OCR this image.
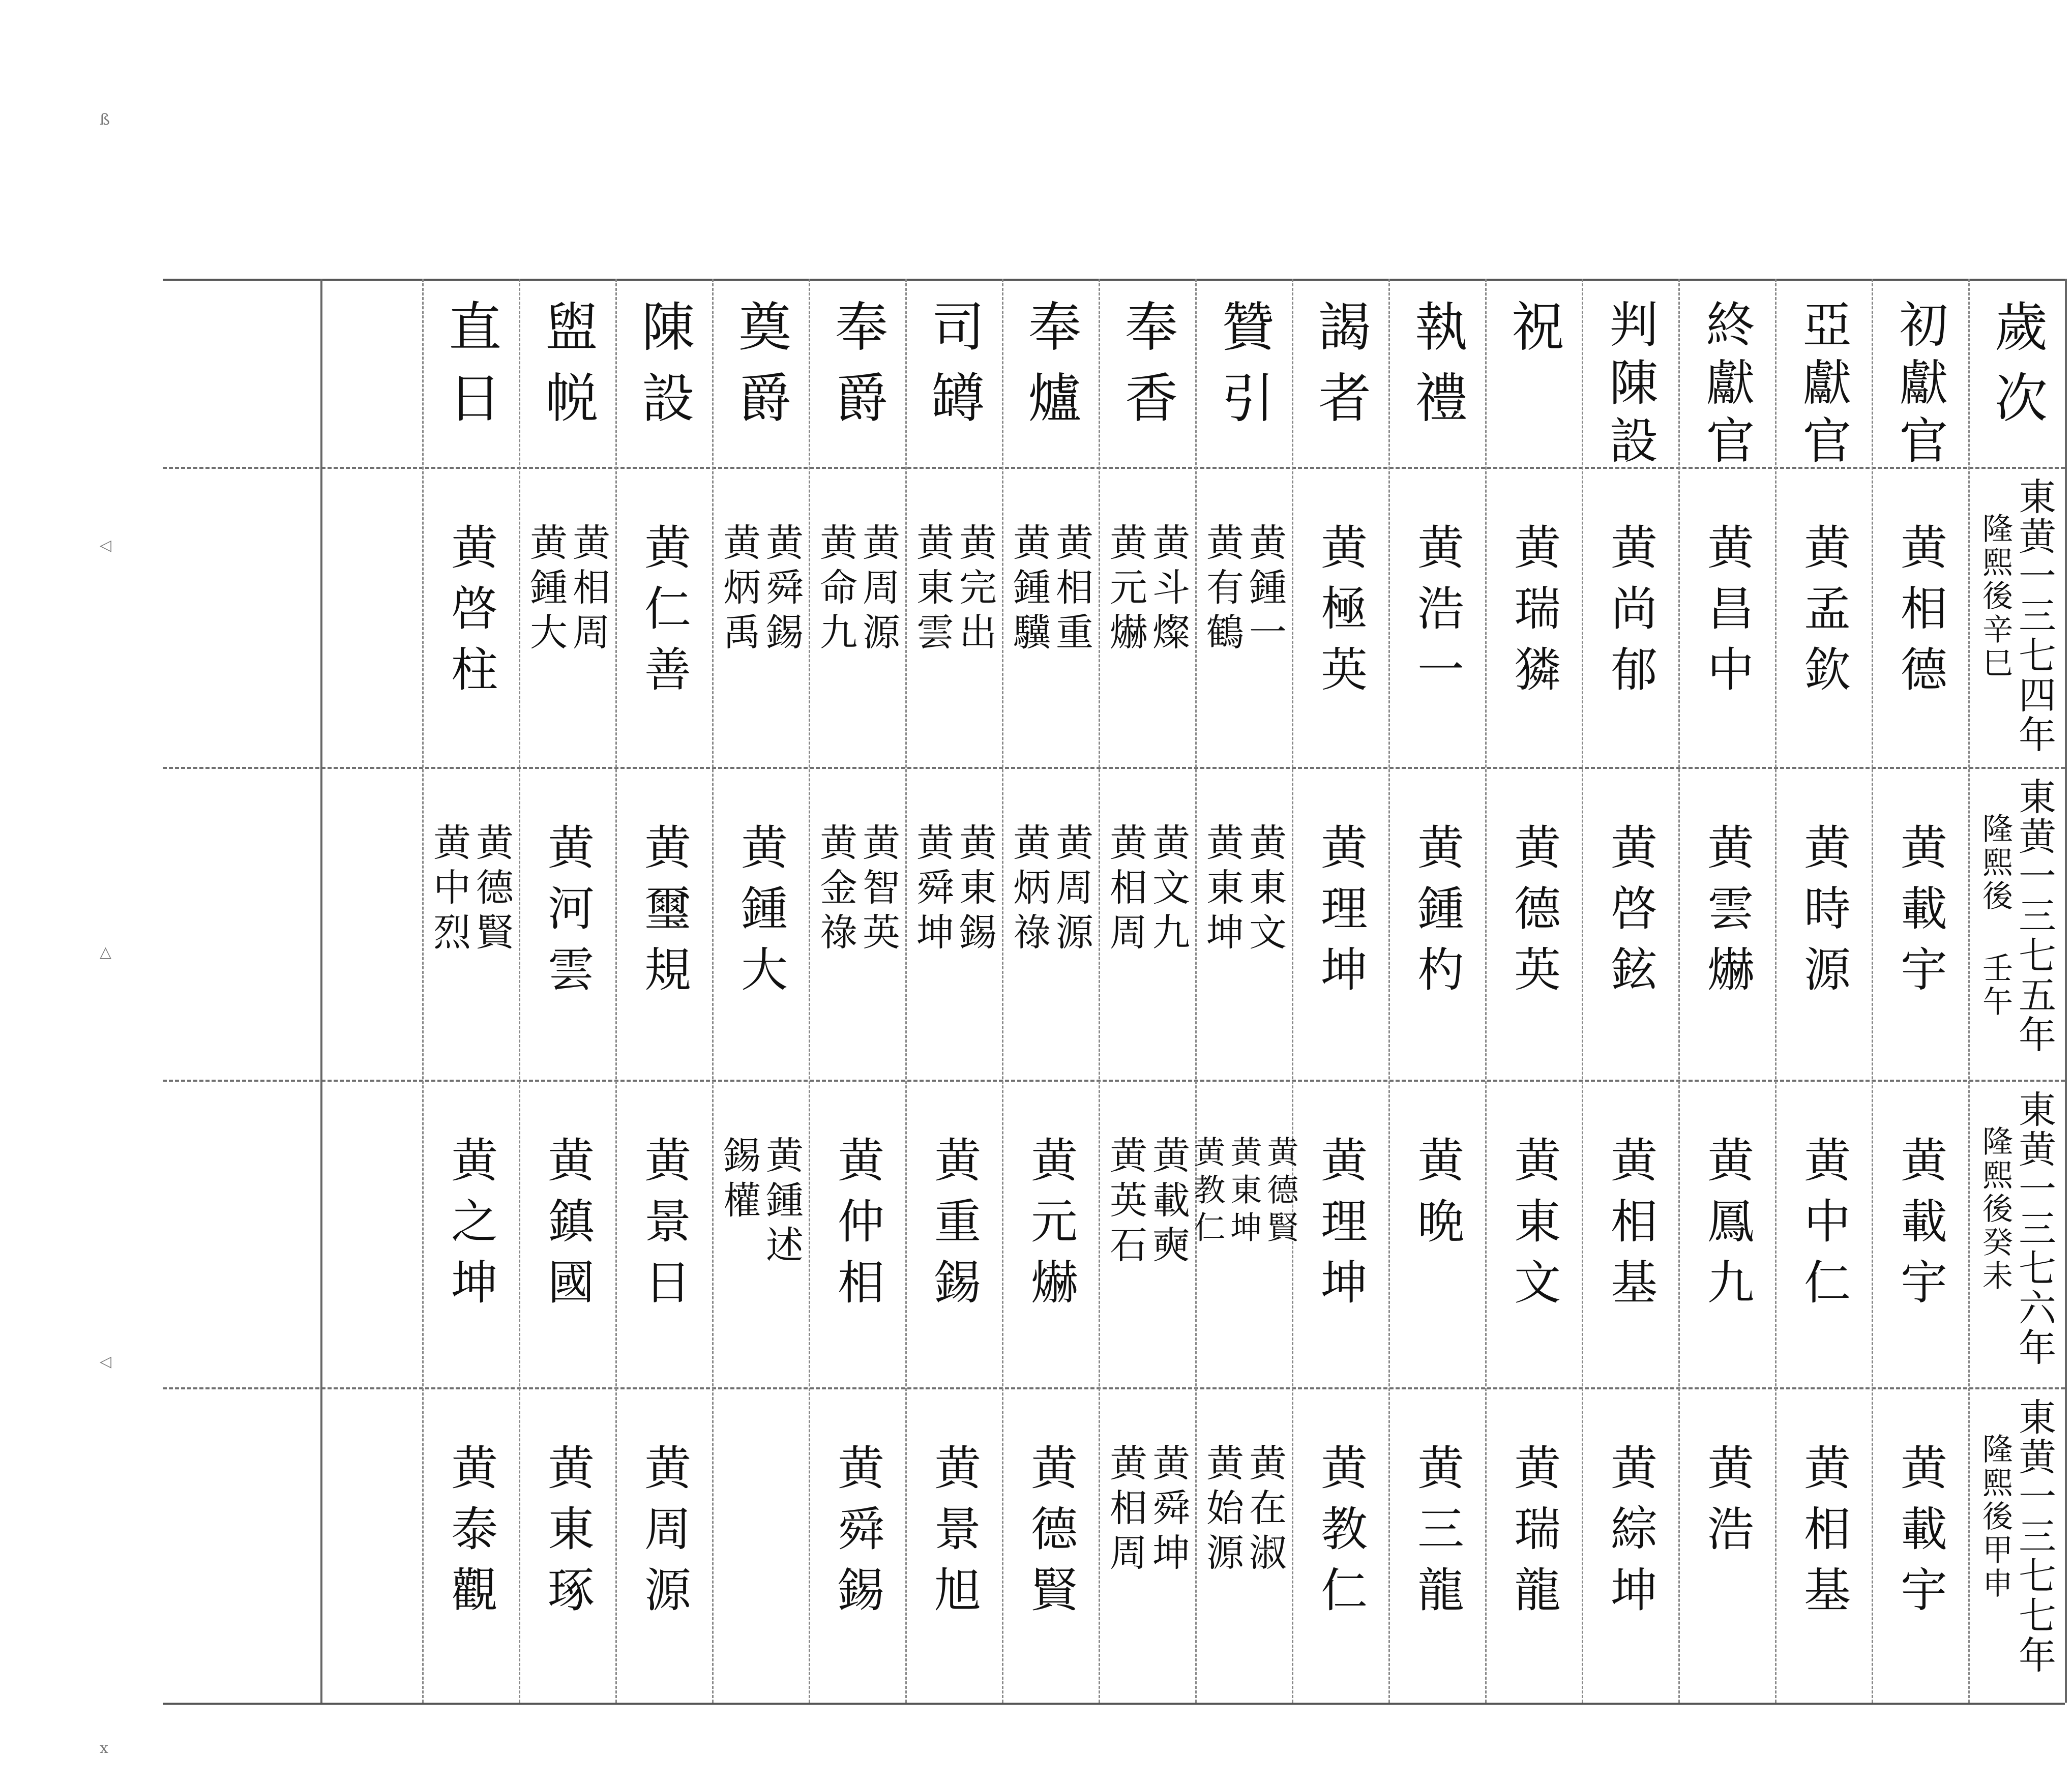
歲次
初獻官
亞獻官
終獻官
判陳設
祝
執禮
謁者
贊引
奉香
奉爐
司罇
奉爵
奠爵
陳設
盥帨
直日
東黄一三七四年
隆熙後辛巳
黄相德
黄孟欽
黄昌中
黄尚郁
黄瑞獜
黄浩一
黄極英
黄鍾一
黄有鶴
黄斗燦
黄元爀
黄相重
黄鍾驥
黄完出
黄東雲
黄周源
黄命九
黄舜錫
黄炳禹
黄仁善
黄相周
黄鍾大
黄啓柱
東黄一三七五年
隆熙後 壬午
黄載宇
黄時源
黄雲爀
黄啓鉉
黄德英
黄鍾杓
黄理坤
黄東文
黄東坤
黄文九
黄相周
黄周源
黄炳祿
黄東錫
黄舜坤
黄智英
黄金祿
黄鍾大
黄璽規
黄河雲
黄德賢
黄中烈
東黄一三七六年
隆熙後癸未
黄載宇
黄中仁
黄鳳九
黄相基
黄東文
黄晩
黄理坤
黄德賢
黄東坤
黄教仁
黄載奭
黄英石
黄元爀
黄重錫
黄仲相
黄鍾述
錫權
黄景日
黄鎮國
黄之坤
東黄一三七七年
隆熙後甲申
黄載宇
黄相基
黄浩
黄綜坤
黄瑞龍
黄三龍
黄教仁
黄在淑
黄始源
黄舜坤
黄相周
黄德賢
黄景旭
黄舜錫
黄周源
黄東琢
黄泰觀
ß
◁
△
◁
x
